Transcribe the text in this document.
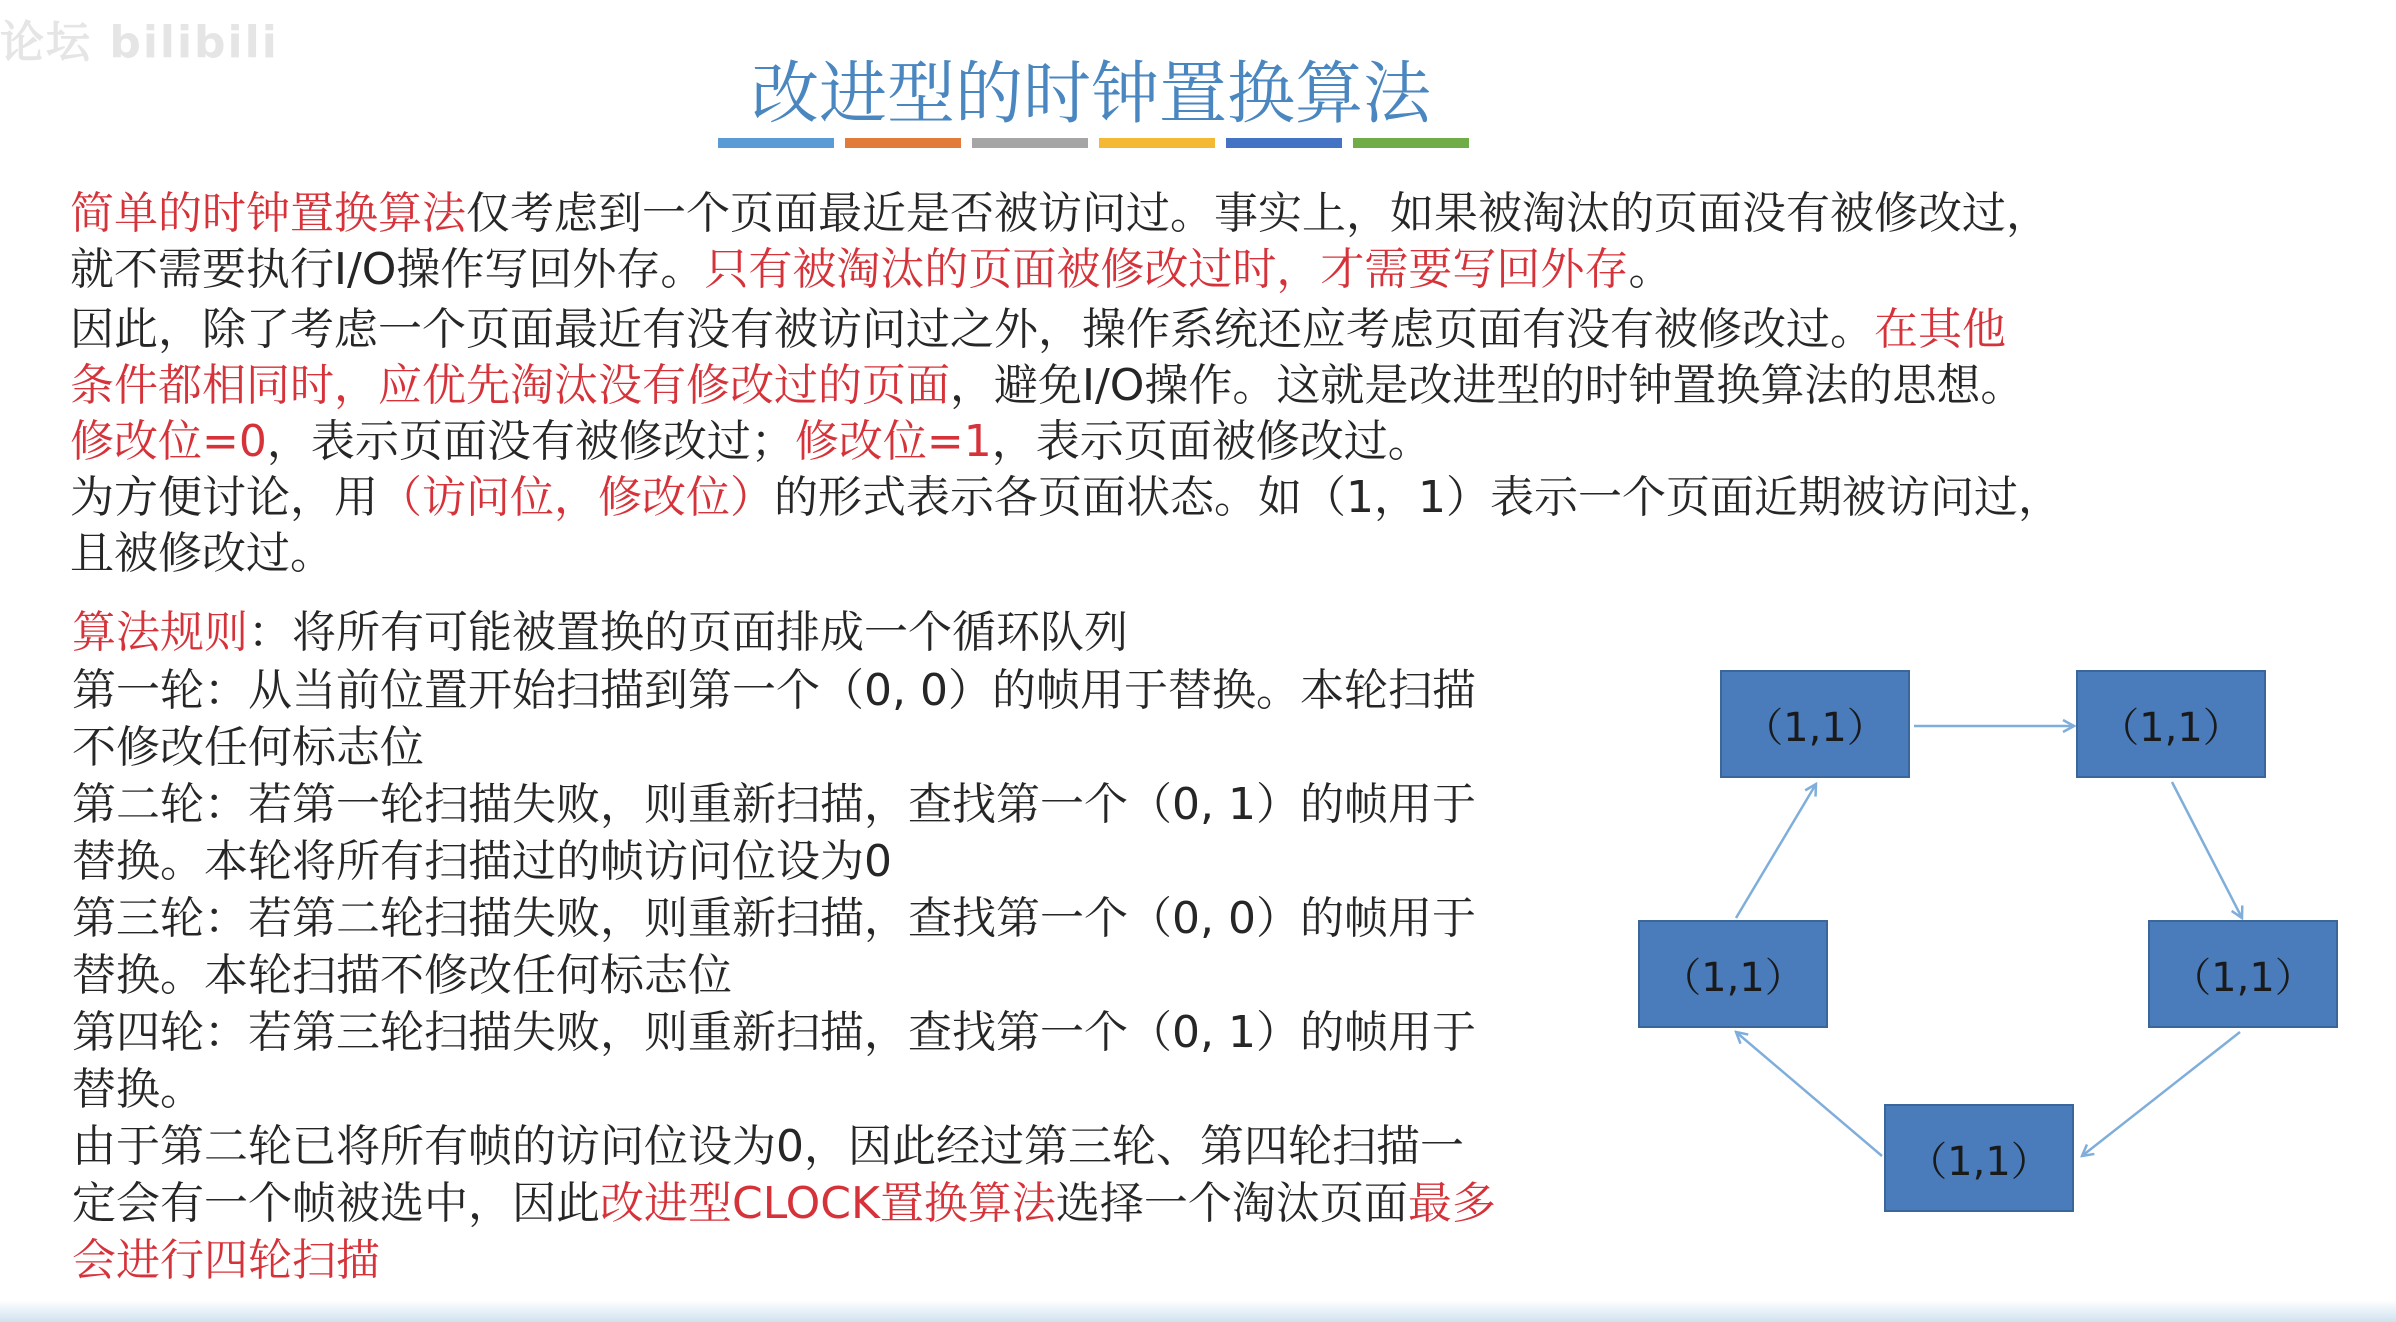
论坛 bilibili
改进型的时钟置换算法

简单的时钟置换算法仅考虑到一个页面最近是否被访问过。事实上，如果被淘汰的页面没有被修改过，

就不需要执行I/O操作写回外存。只有被淘汰的页面被修改过时，才需要写回外存。

因此，除了考虑一个页面最近有没有被访问过之外，操作系统还应考虑页面有没有被修改过。在其他

条件都相同时，应优先淘汰没有修改过的页面，避免I/O操作。这就是改进型的时钟置换算法的思想。

修改位=0，表示页面没有被修改过；修改位=1，表示页面被修改过。

为方便讨论，用（访问位，修改位）的形式表示各页面状态。如（1，1）表示一个页面近期被访问过，

且被修改过。

算法规则：将所有可能被置换的页面排成一个循环队列
第一轮：从当前位置开始扫描到第一个（0, 0）的帧用于替换。本轮扫描
不修改任何标志位
第二轮：若第一轮扫描失败，则重新扫描，查找第一个（0, 1）的帧用于
替换。本轮将所有扫描过的帧访问位设为0
第三轮：若第二轮扫描失败，则重新扫描，查找第一个（0, 0）的帧用于
替换。本轮扫描不修改任何标志位
第四轮：若第三轮扫描失败，则重新扫描，查找第一个（0, 1）的帧用于
替换。
由于第二轮已将所有帧的访问位设为0，因此经过第三轮、第四轮扫描一
定会有一个帧被选中，因此改进型CLOCK置换算法选择一个淘汰页面最多
会进行四轮扫描
（1,1）	（1,1）
（1,1）	（1,1）
（1,1）
